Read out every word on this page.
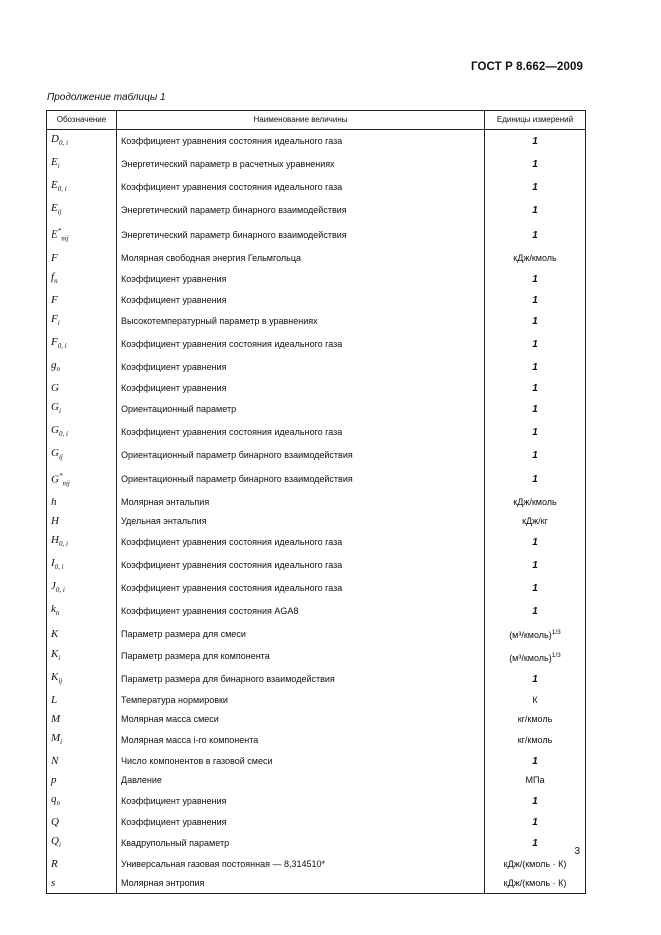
ГОСТ Р 8.662—2009
Продолжение таблицы 1
Обозначение	Наименование величины	Единицы измерений
$D_{0, i}$	Коэффициент уравнения состояния идеального газа	1
$E_i$	Энергетический параметр в расчетных уравнениях	1
$E_{0, i}$	Коэффициент уравнения состояния идеального газа	1
$E_{ij}$	Энергетический параметр бинарного взаимодействия	1
$E^*_{nij}$	Энергетический параметр бинарного взаимодействия	1
F	Молярная свободная энергия Гельмгольца	кДж/кмоль
$f_n$	Коэффициент уравнения	1
F	Коэффициент уравнения	1
$F_i$	Высокотемпературный параметр в уравнениях	1
$F_{0, i}$	Коэффициент уравнения состояния идеального газа	1
$g_n$	Коэффициент уравнения	1
G	Коэффициент уравнения	1
$G_i$	Ориентационный параметр	1
$G_{0, i}$	Коэффициент уравнения состояния идеального газа	1
$G_{ij}$	Ориентационный параметр бинарного взаимодействия	1
$G^*_{nij}$	Ориентационный параметр бинарного взаимодействия	1
h	Молярная энтальпия	кДж/кмоль
H	Удельная энтальпия	кДж/кг
$H_{0, i}$	Коэффициент уравнения состояния идеального газа	1
$I_{0, i}$	Коэффициент уравнения состояния идеального газа	1
$J_{0, i}$	Коэффициент уравнения состояния идеального газа	1
$k_n$	Коэффициент уравнения состояния AGA8	1
K	Параметр размера для смеси	(м³/кмоль)$^{1/3}$
$K_i$	Параметр размера для компонента	(м³/кмоль)$^{1/3}$
$K_{ij}$	Параметр размера для бинарного взаимодействия	1
L	Температура нормировки	К
M	Молярная масса смеси	кг/кмоль
$M_i$	Молярная масса i-го компонента	кг/кмоль
N	Число компонентов в газовой смеси	1
p	Давление	МПа
$q_n$	Коэффициент уравнения	1
Q	Коэффициент уравнения	1
$Q_i$	Квадрупольный параметр	1
R	Универсальная газовая постоянная — 8,314510*	кДж/(кмоль · К)
s	Молярная энтропия	кДж/(кмоль · К)
3
